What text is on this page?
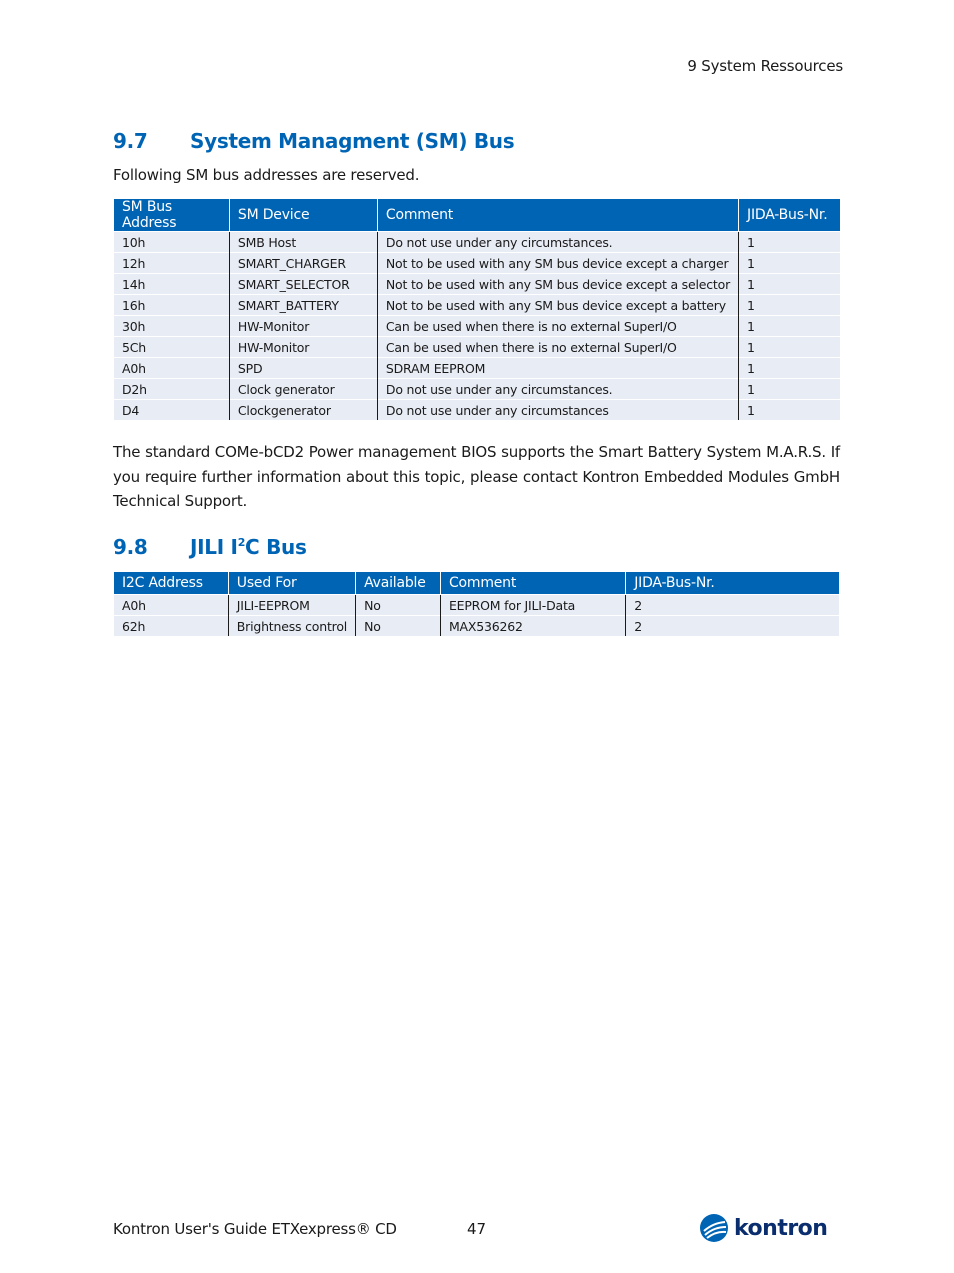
9 System Ressources
9.7 System Managment (SM) Bus
Following SM bus addresses are reserved.
SM Bus Address	SM Device	Comment	JIDA-Bus-Nr.
10h	SMB Host	Do not use under any circumstances.	1
12h	SMART_CHARGER	Not to be used with any SM bus device except a charger	1
14h	SMART_SELECTOR	Not to be used with any SM bus device except a selector	1
16h	SMART_BATTERY	Not to be used with any SM bus device except a battery	1
30h	HW-Monitor	Can be used when there is no external SuperI/O	1
5Ch	HW-Monitor	Can be used when there is no external SuperI/O	1
A0h	SPD	SDRAM EEPROM	1
D2h	Clock generator	Do not use under any circumstances.	1
D4	Clockgenerator	Do not use under any circumstances	1
The standard COMe-bCD2 Power management BIOS supports the Smart Battery System M.A.R.S. If you require further information about this topic, please contact Kontron Embedded Modules GmbH Technical Support.
9.8 JILI $I^2C$ Bus
I2C Address	Used For	Available	Comment	JIDA-Bus-Nr.
A0h	JILI-EEPROM	No	EEPROM for JILI-Data	2
62h	Brightness control	No	MAX536262	2
Kontron User's Guide ETXexpress® CD	47	kontron
